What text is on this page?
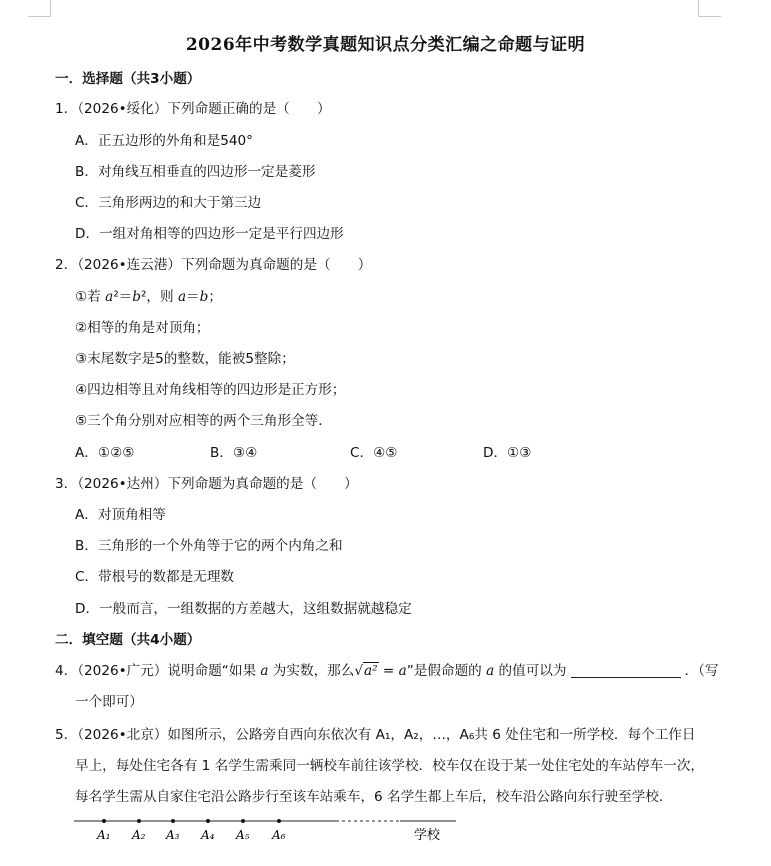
2026年中考数学真题知识点分类汇编之命题与证明
一．选择题（共3小题）
1．（2026•绥化）下列命题正确的是（　　）
A．正五边形的外角和是540°
B．对角线互相垂直的四边形一定是菱形
C．三角形两边的和大于第三边
D．一组对角相等的四边形一定是平行四边形
2．（2026•连云港）下列命题为真命题的是（　　）
①若 a²＝b²，则 a＝b；
②相等的角是对顶角；
③末尾数字是5的整数，能被5整除；
④四边相等且对角线相等的四边形是正方形；
⑤三个角分别对应相等的两个三角形全等．
A．①②⑤	B．③④	C．④⑤	D．①③
3．（2026•达州）下列命题为真命题的是（　　）
A．对顶角相等
B．三角形的一个外角等于它的两个内角之和
C．带根号的数都是无理数
D．一般而言，一组数据的方差越大，这组数据就越稳定
二．填空题（共4小题）
4．（2026•广元）说明命题“如果 a 为实数，那么√a² = a”是假命题的 a 的值可以为	．（写
一个即可）
5．（2026•北京）如图所示，公路旁自西向东依次有 A₁，A₂，…，A₆共 6 处住宅和一所学校．每个工作日
早上，每处住宅各有 1 名学生需乘同一辆校车前往该学校．校车仅在设于某一处住宅处的车站停车一次，
每名学生需从自家住宅沿公路步行至该车站乘车，6 名学生都上车后，校车沿公路向东行驶至学校．
A₁ A₂ A₃ A₄ A₅ A₆	学校
